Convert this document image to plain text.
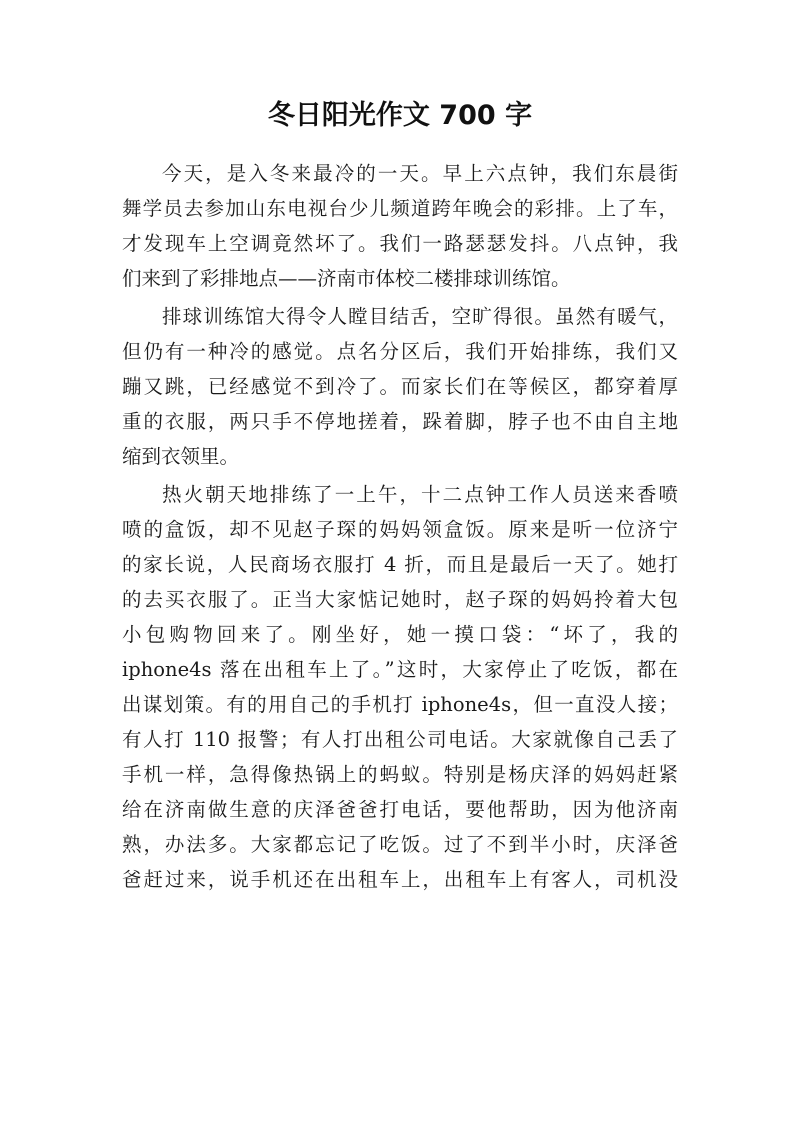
冬日阳光作文 700 字
今天，是入冬来最冷的一天。早上六点钟，我们东晨街
舞学员去参加山东电视台少儿频道跨年晚会的彩排。上了车，
才发现车上空调竟然坏了。我们一路瑟瑟发抖。八点钟，我
们来到了彩排地点——济南市体校二楼排球训练馆。
排球训练馆大得令人瞠目结舌，空旷得很。虽然有暖气，
但仍有一种冷的感觉。点名分区后，我们开始排练，我们又
蹦又跳，已经感觉不到冷了。而家长们在等候区，都穿着厚
重的衣服，两只手不停地搓着，跺着脚，脖子也不由自主地
缩到衣领里。
热火朝天地排练了一上午，十二点钟工作人员送来香喷
喷的盒饭，却不见赵子琛的妈妈领盒饭。原来是听一位济宁
的家长说，人民商场衣服打 4 折，而且是最后一天了。她打
的去买衣服了。正当大家惦记她时，赵子琛的妈妈拎着大包
小包购物回来了。刚坐好，她一摸口袋：“坏了，我的
iphone4s 落在出租车上了。”这时，大家停止了吃饭，都在
出谋划策。有的用自己的手机打 iphone4s，但一直没人接；
有人打 110 报警；有人打出租公司电话。大家就像自己丢了
手机一样，急得像热锅上的蚂蚁。特别是杨庆泽的妈妈赶紧
给在济南做生意的庆泽爸爸打电话，要他帮助，因为他济南
熟，办法多。大家都忘记了吃饭。过了不到半小时，庆泽爸
爸赶过来，说手机还在出租车上，出租车上有客人，司机没
